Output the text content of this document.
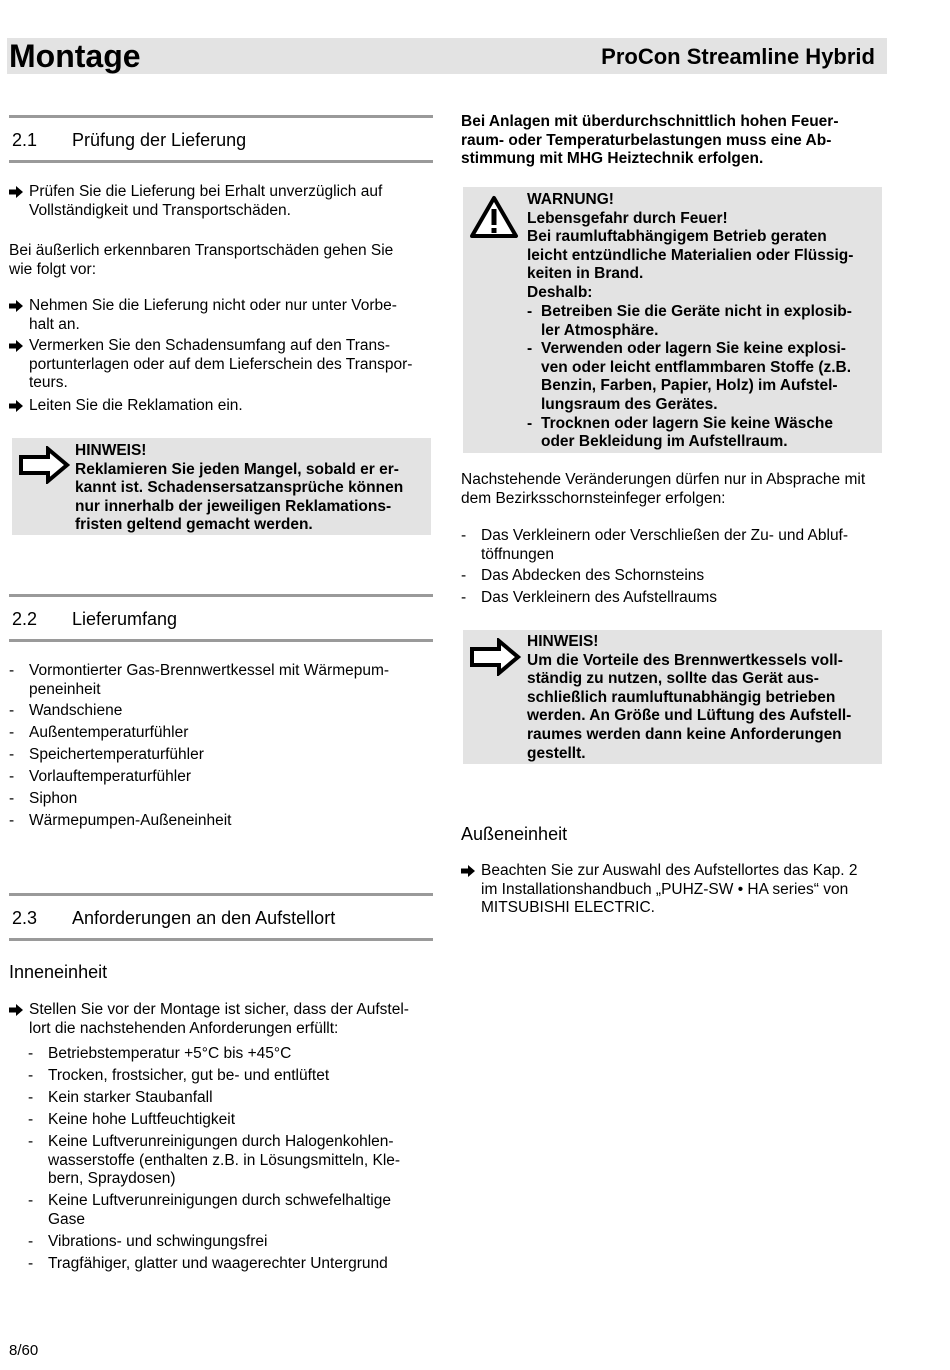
Montage	ProCon Streamline Hybrid
2.1 Prüfung der Lieferung
Prüfen Sie die Lieferung bei Erhalt unverzüglich auf
Vollständigkeit und Transportschäden.
Bei äußerlich erkennbaren Transportschäden gehen Sie
wie folgt vor:
Nehmen Sie die Lieferung nicht oder nur unter Vorbe-
halt an.
Vermerken Sie den Schadensumfang auf den Trans-
portunterlagen oder auf dem Lieferschein des Transpor-
teurs.
Leiten Sie die Reklamation ein.
HINWEIS!
Reklamieren Sie jeden Mangel, sobald er er-
kannt ist. Schadensersatzansprüche können
nur innerhalb der jeweiligen Reklamations-
fristen geltend gemacht werden.
2.2 Lieferumfang
- Vormontierter Gas-Brennwertkessel mit Wärmepum-
peneinheit
- Wandschiene
- Außentemperaturfühler
- Speichertemperaturfühler
- Vorlauftemperaturfühler
- Siphon
- Wärmepumpen-Außeneinheit
2.3 Anforderungen an den Aufstellort
Inneneinheit
Stellen Sie vor der Montage ist sicher, dass der Aufstel-
lort die nachstehenden Anforderungen erfüllt:
- Betriebstemperatur +5°C bis +45°C
- Trocken, frostsicher, gut be- und entlüftet
- Kein starker Staubanfall
- Keine hohe Luftfeuchtigkeit
- Keine Luftverunreinigungen durch Halogenkohlen-
wasserstoffe (enthalten z.B. in Lösungsmitteln, Kle-
bern, Spraydosen)
- Keine Luftverunreinigungen durch schwefelhaltige
Gase
- Vibrations- und schwingungsfrei
- Tragfähiger, glatter und waagerechter Untergrund
Bei Anlagen mit überdurchschnittlich hohen Feuer-
raum- oder Temperaturbelastungen muss eine Ab-
stimmung mit MHG Heiztechnik erfolgen.
WARNUNG!
Lebensgefahr durch Feuer!
Bei raumluftabhängigem Betrieb geraten
leicht entzündliche Materialien oder Flüssig-
keiten in Brand.
Deshalb:
- Betreiben Sie die Geräte nicht in explosib-
ler Atmosphäre.
- Verwenden oder lagern Sie keine explosi-
ven oder leicht entflammbaren Stoffe (z.B.
Benzin, Farben, Papier, Holz) im Aufstel-
lungsraum des Gerätes.
- Trocknen oder lagern Sie keine Wäsche
oder Bekleidung im Aufstellraum.
Nachstehende Veränderungen dürfen nur in Absprache mit
dem Bezirksschornsteinfeger erfolgen:
- Das Verkleinern oder Verschließen der Zu- und Abluf-
töffnungen
- Das Abdecken des Schornsteins
- Das Verkleinern des Aufstellraums
HINWEIS!
Um die Vorteile des Brennwertkessels voll-
ständig zu nutzen, sollte das Gerät aus-
schließlich raumluftunabhängig betrieben
werden. An Größe und Lüftung des Aufstell-
raumes werden dann keine Anforderungen
gestellt.
Außeneinheit
Beachten Sie zur Auswahl des Aufstellortes das Kap. 2
im Installationshandbuch „PUHZ-SW • HA series“ von
MITSUBISHI ELECTRIC.
8/60
